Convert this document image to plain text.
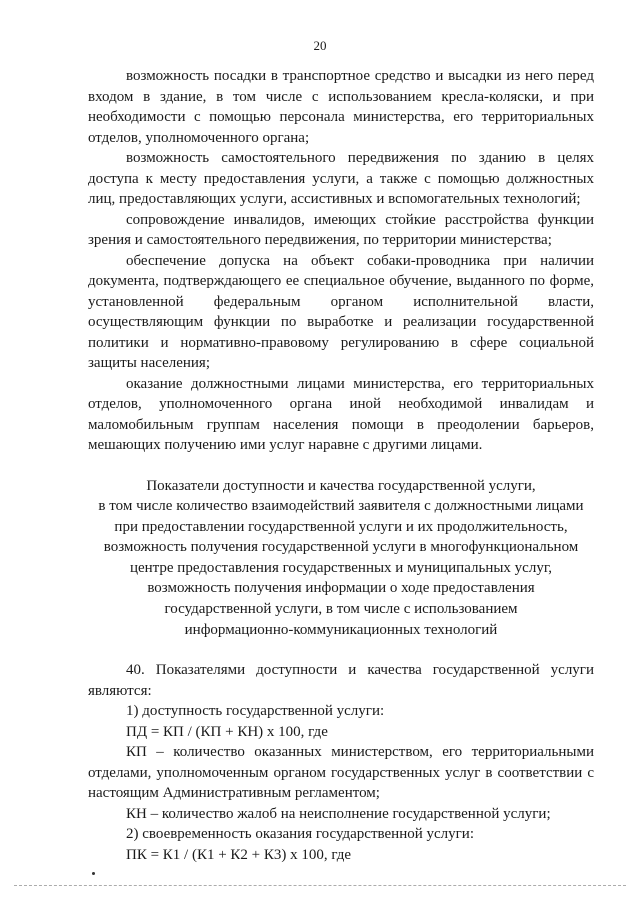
20

возможность посадки в транспортное средство и высадки из него перед входом в здание, в том числе с использованием кресла-коляски, и при необходимости с помощью персонала министерства, его территориальных отделов, уполномоченного органа;

возможность самостоятельного передвижения по зданию в целях доступа к месту предоставления услуги, а также с помощью должностных лиц, предоставляющих услуги, ассистивных и вспомогательных технологий;

сопровождение инвалидов, имеющих стойкие расстройства функции зрения и самостоятельного передвижения, по территории министерства;

обеспечение допуска на объект собаки-проводника при наличии документа, подтверждающего ее специальное обучение, выданного по форме, установленной федеральным органом исполнительной власти, осуществляющим функции по выработке и реализации государственной политики и нормативно-правовому регулированию в сфере социальной защиты населения;

оказание должностными лицами министерства, его территориальных отделов, уполномоченного органа иной необходимой инвалидам и маломобильным группам населения помощи в преодолении барьеров, мешающих получению ими услуг наравне с другими лицами.

Показатели доступности и качества государственной услуги,

в том числе количество взаимодействий заявителя с должностными лицами

при предоставлении государственной услуги и их продолжительность,

возможность получения государственной услуги в многофункциональном

центре предоставления государственных и муниципальных услуг,

возможность получения информации о ходе предоставления

государственной услуги, в том числе с использованием

информационно-коммуникационных технологий

40. Показателями доступности и качества государственной услуги являются:

1) доступность государственной услуги:

ПД = КП / (КП + КН) х 100, где

КП – количество оказанных министерством, его территориальными отделами, уполномоченным органом государственных услуг в соответствии с настоящим Административным регламентом;

КН – количество жалоб на неисполнение государственной услуги;

2) своевременность оказания государственной услуги:

ПК = К1 / (К1 + К2 + К3) х 100, где
